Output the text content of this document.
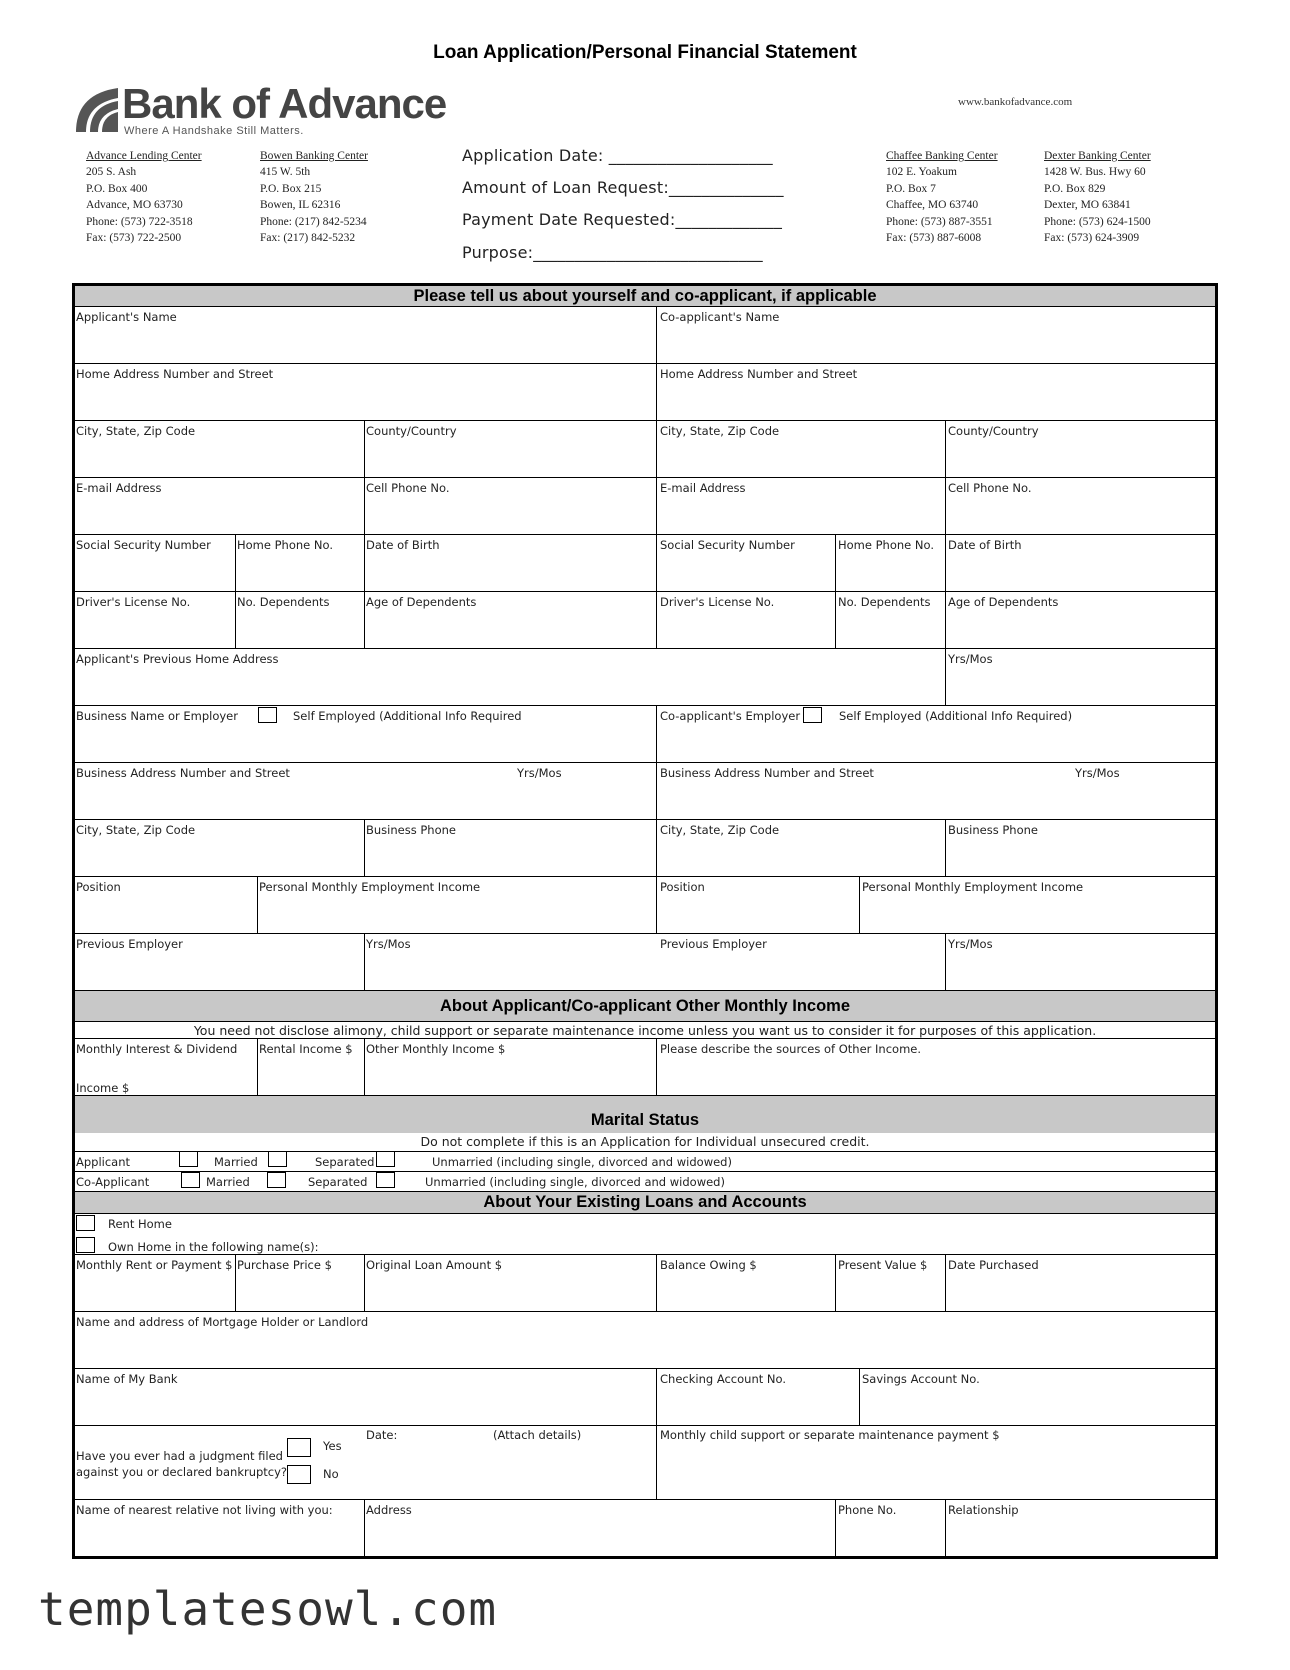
Loan Application/Personal Financial Statement
Bank of Advance
Where A Handshake Still Matters.
www.bankofadvance.com
Advance Lending Center
205 S. Ash
P.O. Box 400
Advance, MO 63730
Phone: (573) 722-3518
Fax: (573) 722-2500
Bowen Banking Center
415 W. 5th
P.O. Box 215
Bowen, IL 62316
Phone: (217) 842-5234
Fax: (217) 842-5232
Chaffee Banking Center
102 E. Yoakum
P.O. Box 7
Chaffee, MO 63740
Phone: (573) 887-3551
Fax: (573) 887-6008
Dexter Banking Center
1428 W. Bus. Hwy 60
P.O. Box 829
Dexter, MO 63841
Phone: (573) 624-1500
Fax: (573) 624-3909
Application Date: ____________________
Amount of Loan Request:______________
Payment Date Requested:_____________
Purpose:____________________________
Please tell us about yourself and co-applicant, if applicable
Applicant's Name	Co-applicant's Name
Home Address Number and Street	Home Address Number and Street
City, State, Zip Code	County/Country	City, State, Zip Code	County/Country
E-mail Address	Cell Phone No.	E-mail Address	Cell Phone No.
Social Security Number Home Phone No.	Date of Birth	Social Security Number	Home Phone No. Date of Birth
Driver's License No.	No. Dependents	Age of Dependents	Driver's License No.	No. Dependents Age of Dependents
Applicant's Previous Home Address	Yrs/Mos
Business Name or Employer	Self Employed (Additional Info Required	Co-applicant's Employer	Self Employed (Additional Info Required)
Business Address Number and Street	Yrs/Mos	Business Address Number and Street	Yrs/Mos
City, State, Zip Code	Business Phone	City, State, Zip Code	Business Phone
Position	Personal Monthly Employment Income	Position	Personal Monthly Employment Income
Previous Employer	Yrs/Mos	Previous Employer	Yrs/Mos
About Applicant/Co-applicant Other Monthly Income
You need not disclose alimony, child support or separate maintenance income unless you want us to consider it for purposes of this application.
Monthly Interest & Dividend
Income $
Rental Income $ Other Monthly Income $	Please describe the sources of Other Income.
Marital Status
Do not complete if this is an Application for Individual unsecured credit.
Applicant	Married	Separated	Unmarried (including single, divorced and widowed)
Co-Applicant	Married	Separated	Unmarried (including single, divorced and widowed)
About Your Existing Loans and Accounts
Rent Home
Own Home in the following name(s):
Monthly Rent or Payment $ Purchase Price $	Original Loan Amount $	Balance Owing $	Present Value $ Date Purchased
Name and address of Mortgage Holder or Landlord
Name of My Bank	Checking Account No.	Savings Account No.
Have you ever had a judgment filed
against you or declared bankruptcy?
Yes
No
Date:	(Attach details)	Monthly child support or separate maintenance payment $
Name of nearest relative not living with you:	Address	Phone No.	Relationship
templatesowl.com
